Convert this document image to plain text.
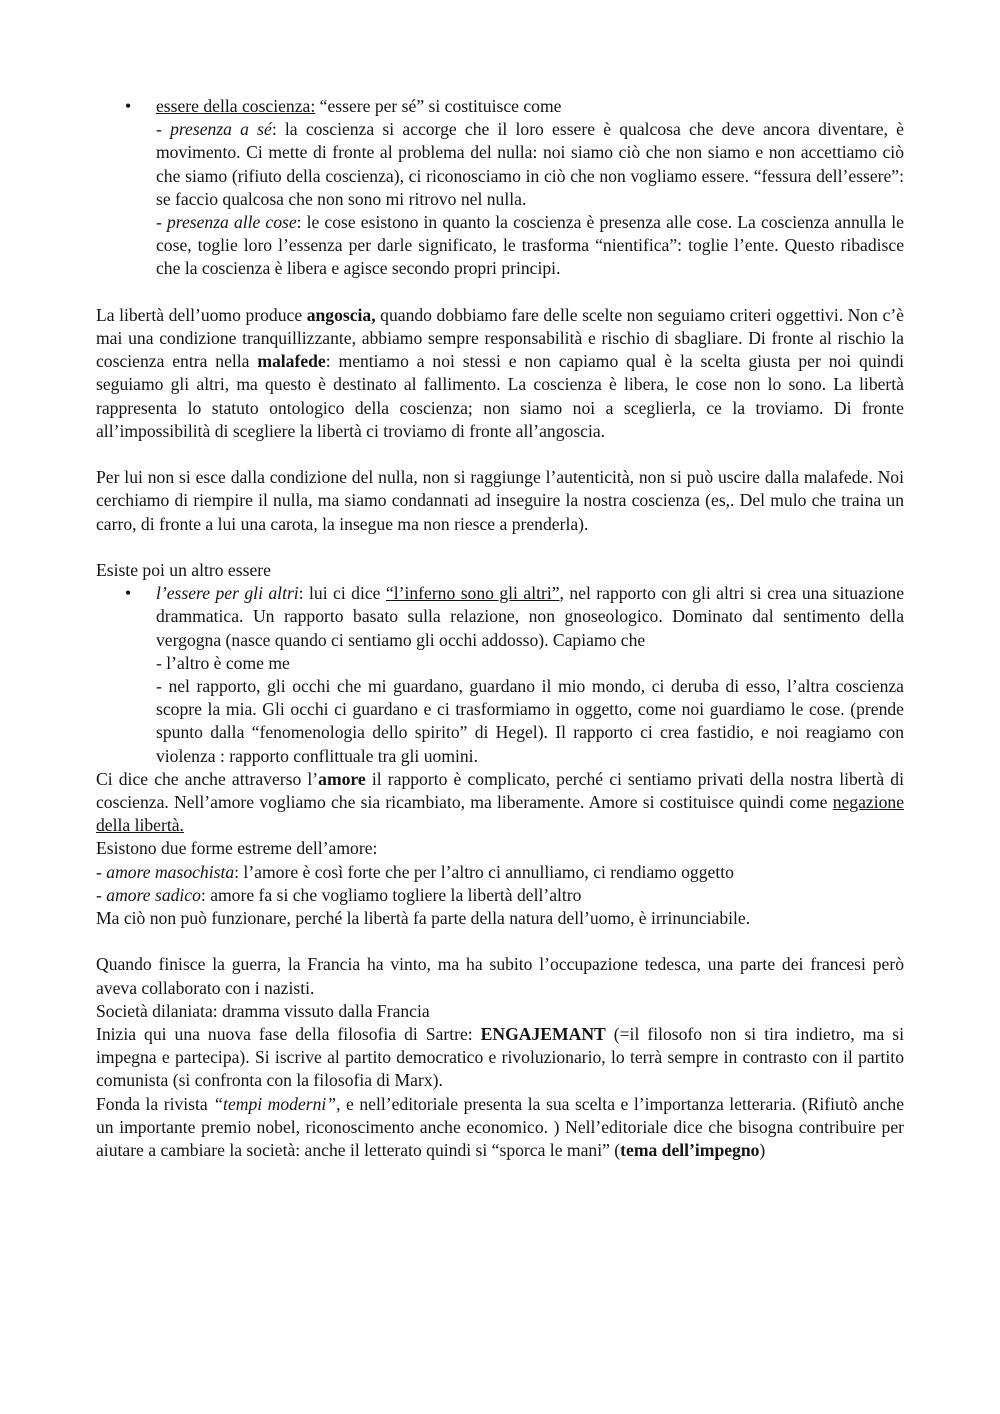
• essere della coscienza: “essere per sé” si costituisce come

- presenza a sé: la coscienza si accorge che il loro essere è qualcosa che deve ancora diventare, è movimento. Ci mette di fronte al problema del nulla: noi siamo ciò che non siamo e non accettiamo ciò che siamo (rifiuto della coscienza), ci riconosciamo in ciò che non vogliamo essere. “fessura dell’essere”: se faccio qualcosa che non sono mi ritrovo nel nulla.

- presenza alle cose: le cose esistono in quanto la coscienza è presenza alle cose. La coscienza annulla le cose, toglie loro l’essenza per darle significato, le trasforma “nientifica”: toglie l’ente. Questo ribadisce che la coscienza è libera e agisce secondo propri principi.

La libertà dell’uomo produce angoscia, quando dobbiamo fare delle scelte non seguiamo criteri oggettivi. Non c’è mai una condizione tranquillizzante, abbiamo sempre responsabilità e rischio di sbagliare. Di fronte al rischio la coscienza entra nella malafede: mentiamo a noi stessi e non capiamo qual è la scelta giusta per noi quindi seguiamo gli altri, ma questo è destinato al fallimento. La coscienza è libera, le cose non lo sono. La libertà rappresenta lo statuto ontologico della coscienza; non siamo noi a sceglierla, ce la troviamo. Di fronte all’impossibilità di scegliere la libertà ci troviamo di fronte all’angoscia.

Per lui non si esce dalla condizione del nulla, non si raggiunge l’autenticità, non si può uscire dalla malafede. Noi cerchiamo di riempire il nulla, ma siamo condannati ad inseguire la nostra coscienza (es,. Del mulo che traina un carro, di fronte a lui una carota, la insegue ma non riesce a prenderla).

Esiste poi un altro essere

• l’essere per gli altri: lui ci dice “l’inferno sono gli altri”, nel rapporto con gli altri si crea una situazione drammatica. Un rapporto basato sulla relazione, non gnoseologico. Dominato dal sentimento della vergogna (nasce quando ci sentiamo gli occhi addosso). Capiamo che

- l’altro è come me

- nel rapporto, gli occhi che mi guardano, guardano il mio mondo, ci deruba di esso, l’altra coscienza scopre la mia. Gli occhi ci guardano e ci trasformiamo in oggetto, come noi guardiamo le cose. (prende spunto dalla “fenomenologia dello spirito” di Hegel). Il rapporto ci crea fastidio, e noi reagiamo con violenza : rapporto conflittuale tra gli uomini.

Ci dice che anche attraverso l’amore il rapporto è complicato, perché ci sentiamo privati della nostra libertà di coscienza. Nell’amore vogliamo che sia ricambiato, ma liberamente. Amore si costituisce quindi come negazione della libertà.

Esistono due forme estreme dell’amore:

- amore masochista: l’amore è così forte che per l’altro ci annulliamo, ci rendiamo oggetto

- amore sadico: amore fa si che vogliamo togliere la libertà dell’altro

Ma ciò non può funzionare, perché la libertà fa parte della natura dell’uomo, è irrinunciabile.

Quando finisce la guerra, la Francia ha vinto, ma ha subito l’occupazione tedesca, una parte dei francesi però aveva collaborato con i nazisti.

Società dilaniata: dramma vissuto dalla Francia

Inizia qui una nuova fase della filosofia di Sartre: ENGAJEMANT (=il filosofo non si tira indietro, ma si impegna e partecipa). Si iscrive al partito democratico e rivoluzionario, lo terrà sempre in contrasto con il partito comunista (si confronta con la filosofia di Marx).

Fonda la rivista “tempi moderni”, e nell’editoriale presenta la sua scelta e l’importanza letteraria. (Rifiutò anche un importante premio nobel, riconoscimento anche economico. ) Nell’editoriale dice che bisogna contribuire per aiutare a cambiare la società: anche il letterato quindi si “sporca le mani” (tema dell’impegno)
